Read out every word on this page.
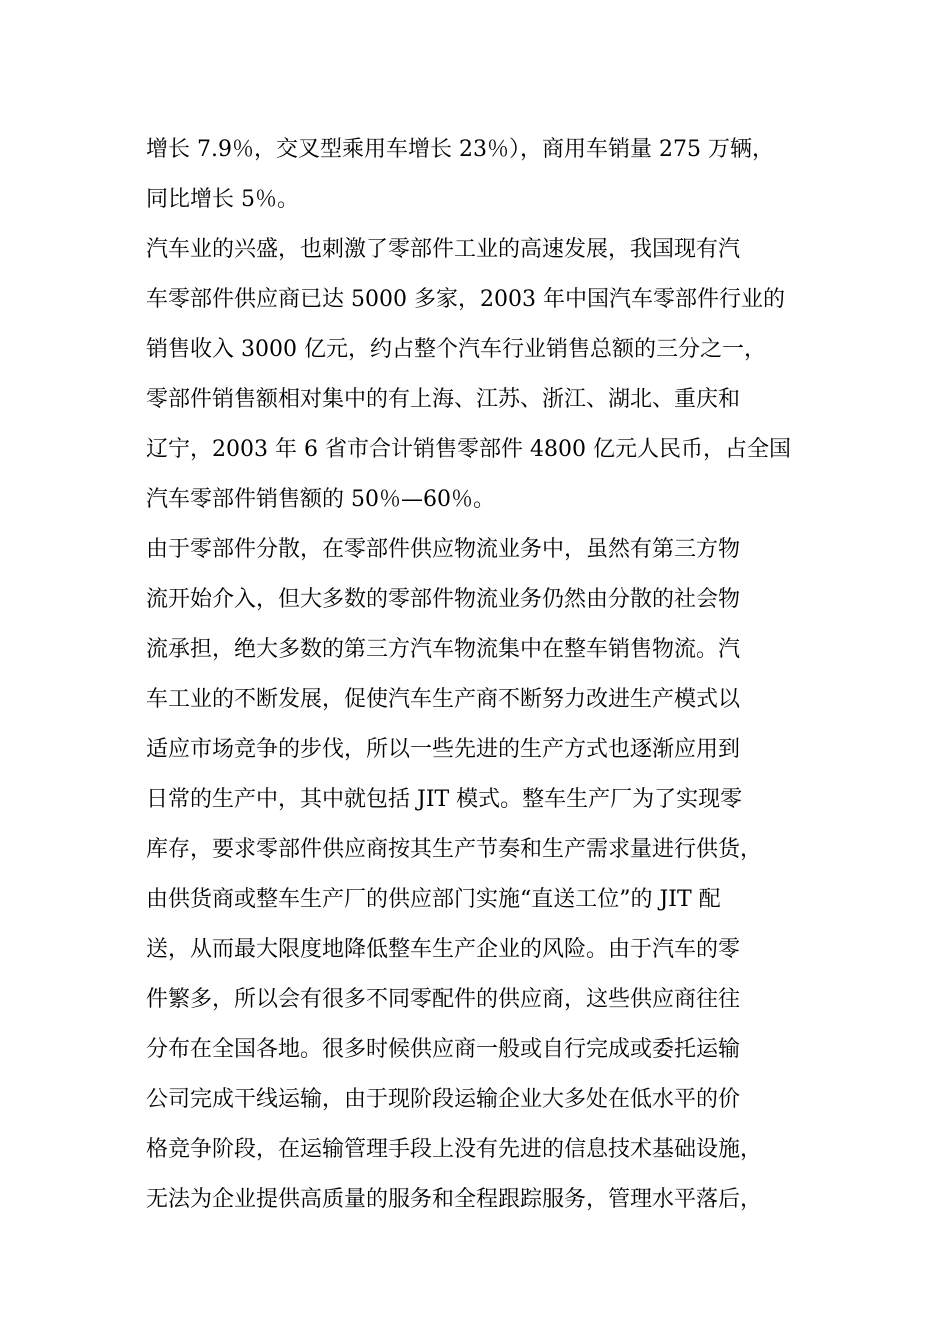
增长 7.9％，交叉型乘用车增长 23％），商用车销量 275 万辆，
同比增长 5％。
汽车业的兴盛，也刺激了零部件工业的高速发展，我国现有汽
车零部件供应商已达 5000 多家，2003 年中国汽车零部件行业的
销售收入 3000 亿元，约占整个汽车行业销售总额的三分之一，
零部件销售额相对集中的有上海、江苏、浙江、湖北、重庆和
辽宁，2003 年 6 省市合计销售零部件 4800 亿元人民币，占全国
汽车零部件销售额的 50％—60％。
由于零部件分散，在零部件供应物流业务中，虽然有第三方物
流开始介入，但大多数的零部件物流业务仍然由分散的社会物
流承担，绝大多数的第三方汽车物流集中在整车销售物流。汽
车工业的不断发展，促使汽车生产商不断努力改进生产模式以
适应市场竞争的步伐，所以一些先进的生产方式也逐渐应用到
日常的生产中，其中就包括 JIT 模式。整车生产厂为了实现零
库存，要求零部件供应商按其生产节奏和生产需求量进行供货，
由供货商或整车生产厂的供应部门实施“直送工位”的 JIT 配
送，从而最大限度地降低整车生产企业的风险。由于汽车的零
件繁多，所以会有很多不同零配件的供应商，这些供应商往往
分布在全国各地。很多时候供应商一般或自行完成或委托运输
公司完成干线运输，由于现阶段运输企业大多处在低水平的价
格竞争阶段，在运输管理手段上没有先进的信息技术基础设施，
无法为企业提供高质量的服务和全程跟踪服务，管理水平落后，
